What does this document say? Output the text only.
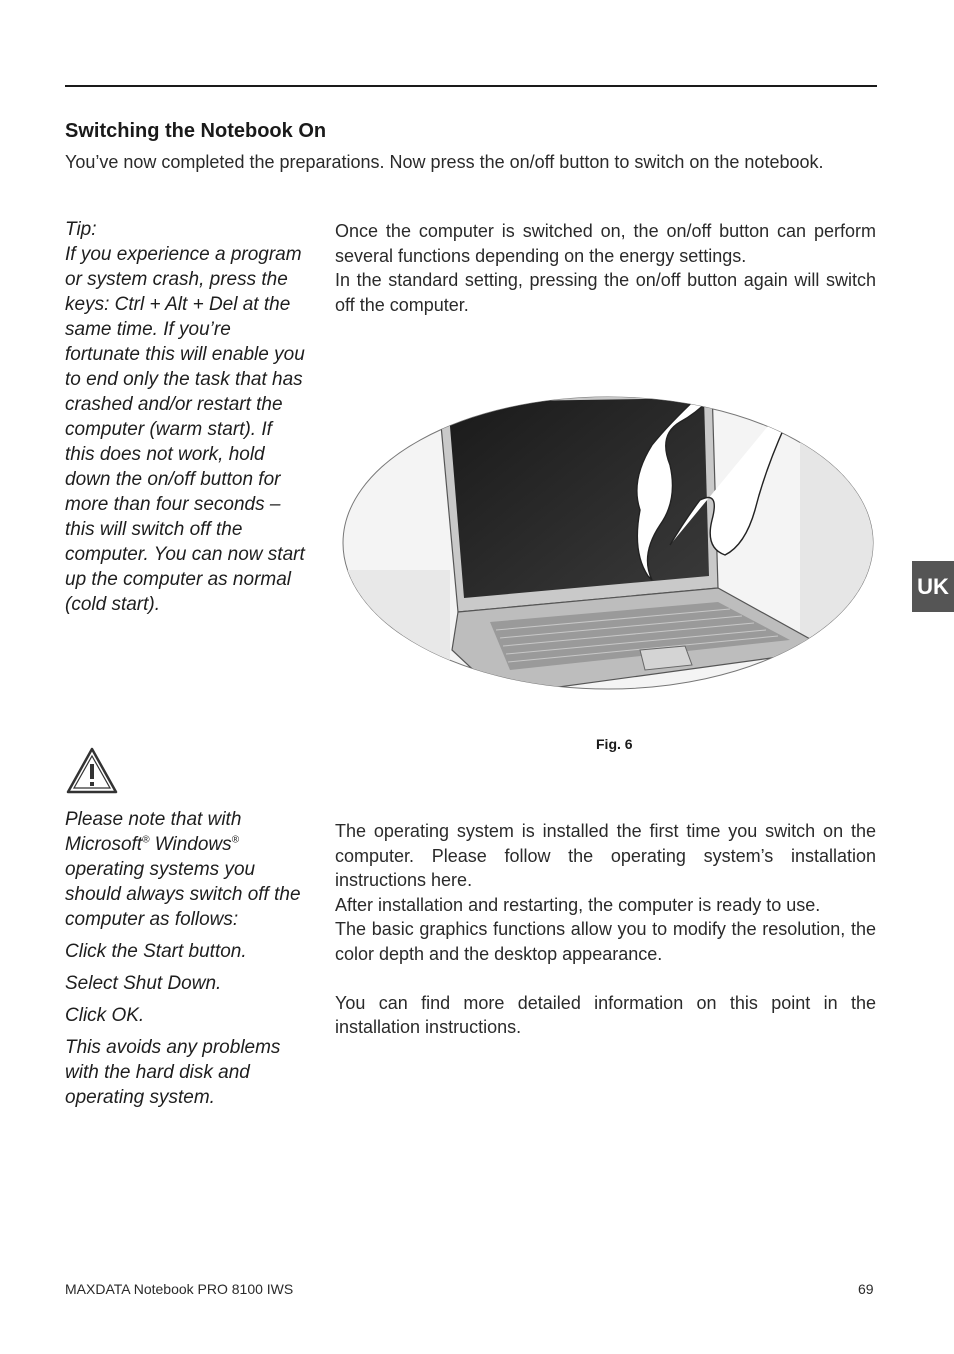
Switching the Notebook On
You’ve now completed the preparations. Now press the on/off button to switch on the notebook.

Tip:

If you experience a program or system crash, press the keys: Ctrl + Alt + Del at the same time. If you’re fortunate this will enable you to end only the task that has crashed and/or restart the computer (warm start). If this does not work, hold down the on/off button for more than four seconds – this will switch off the computer. You can now start up the computer as normal (cold start).

Once the computer is switched on, the on/off button can perform several functions depending on the energy settings.

In the standard setting, pressing the on/off button again will switch off the computer.

Fig. 6

Please note that with Microsoft® Windows® operating systems you should always switch off the computer as follows:

Click the Start button.

Select Shut Down.

Click OK.

This avoids any problems with the hard disk and operating system.

The operating system is installed the first time you switch on the computer. Please follow the operating system’s installation instructions here.

After installation and restarting, the computer is ready to use.

The basic graphics functions allow you to modify the resolution, the color depth and the desktop appearance.

You can find more detailed information on this point in the installation instructions.

UK
MAXDATA Notebook PRO 8100 IWS	69
